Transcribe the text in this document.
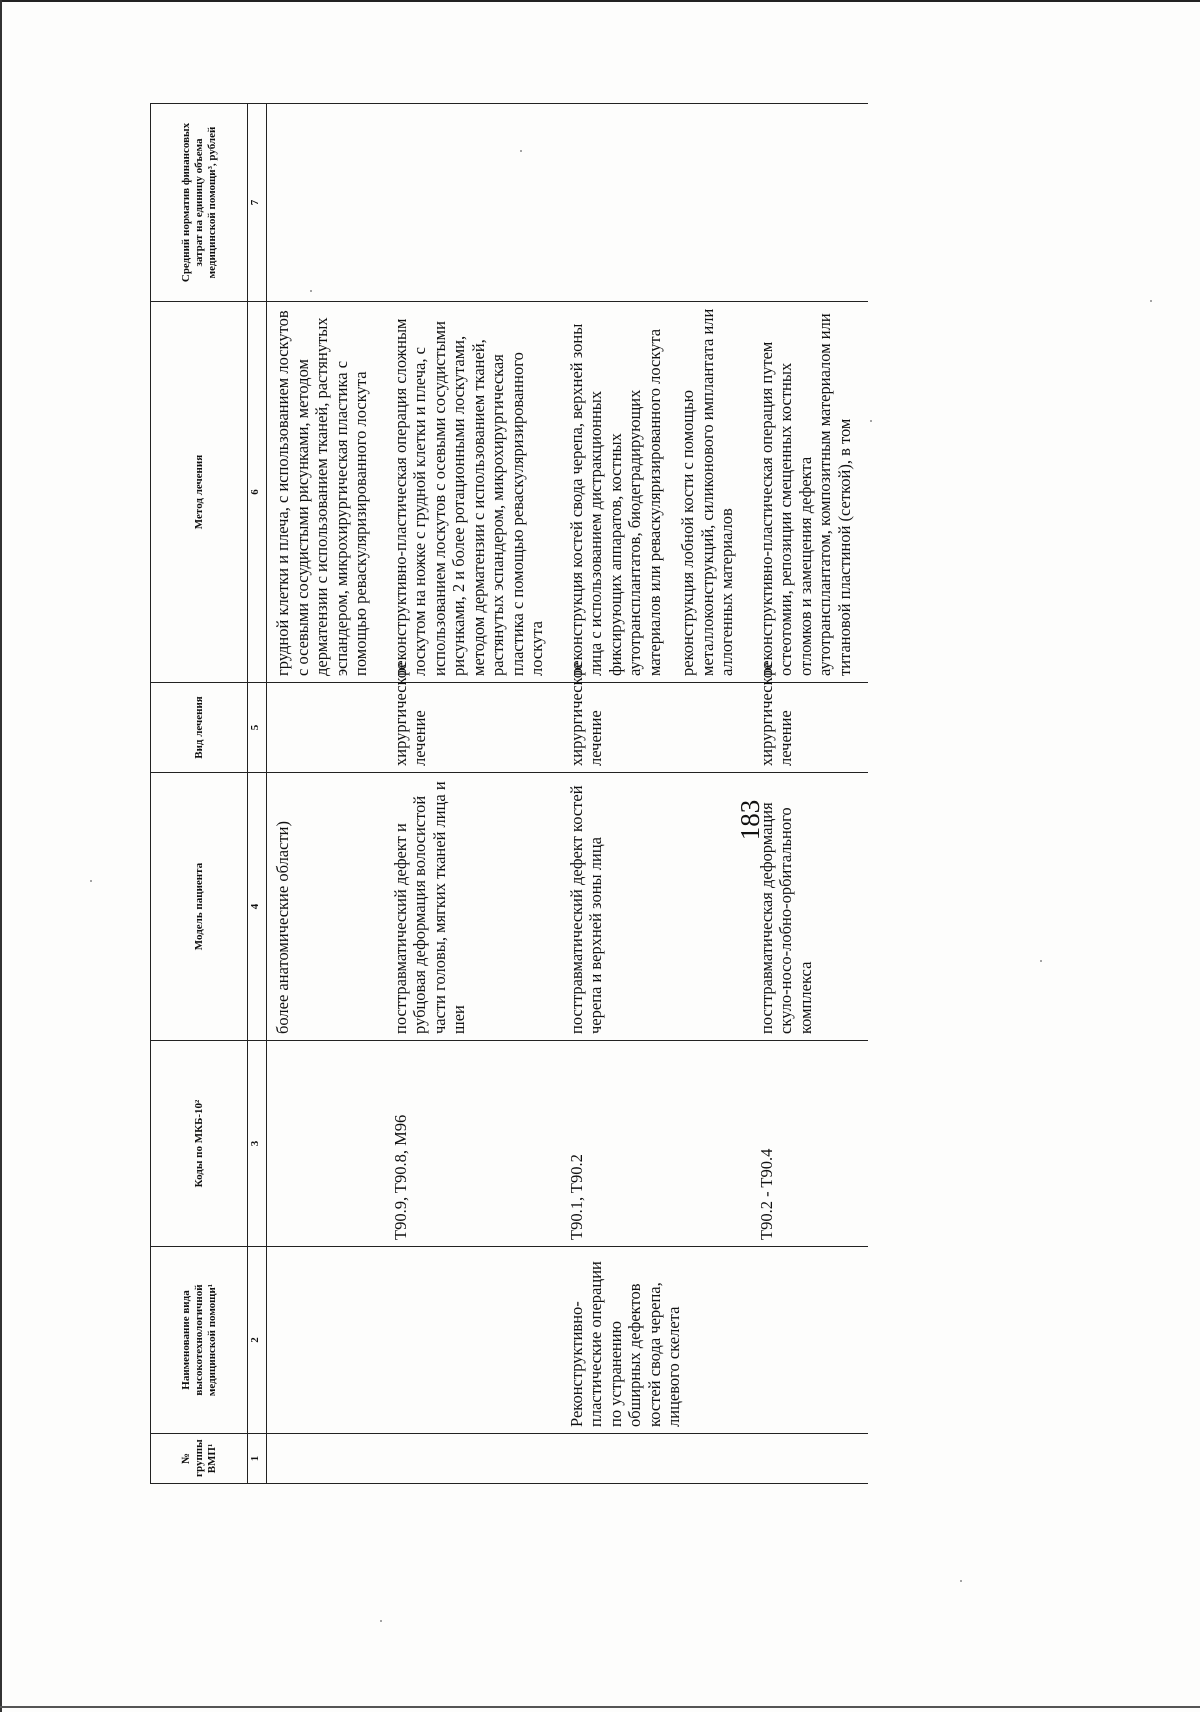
183
№ группы ВМП¹	Наименование вида высокотехнологичной медицинской помощи¹	Коды по МКБ-10²	Модель пациента	Вид лечения	Метод лечения	Средний норматив финансовых затрат на единицу объема медицинской помощи³, рублей
1	2	3	4	5	6	7
			более анатомические области)		грудной клетки и плеча, с использованием лоскутов с осевыми сосудистыми рисунками, методом дерматензии с использованием тканей, растянутых эспандером, микрохирургическая пластика с помощью реваскуляризированного лоскута	

		T90.9, T90.8, M96	посттравматический дефект и рубцовая деформация волосистой части головы, мягких тканей лица и шеи	хирургическое лечение	реконструктивно-пластическая операция сложным лоскутом на ножке с грудной клетки и плеча, с использованием лоскутов с осевыми сосудистыми рисунками, 2 и более ротационными лоскутами, методом дерматензии с использованием тканей, растянутых эспандером, микрохирургическая пластика с помощью реваскуляризированного лоскута	

	Реконструктивно-пластические операции по устранению обширных дефектов костей свода черепа, лицевого скелета	T90.1, T90.2	посттравматический дефект костей черепа и верхней зоны лица	хирургическое лечение	реконструкция костей свода черепа, верхней зоны лица с использованием дистракционных фиксирующих аппаратов, костных аутотрансплантатов, биодеградирующих материалов или реваскуляризированного лоскута реконструкция лобной кости с помощью металлоконструкций, силиконового имплантата или аллогенных материалов	

		T90.2 - T90.4	посттравматическая деформация скуло-носо-лобно-орбитального комплекса	хирургическое лечение	реконструктивно-пластическая операция путем остеотомии, репозиции смещенных костных отломков и замещения дефекта аутотрансплантатом, композитным материалом или титановой пластиной (сеткой), в том	
